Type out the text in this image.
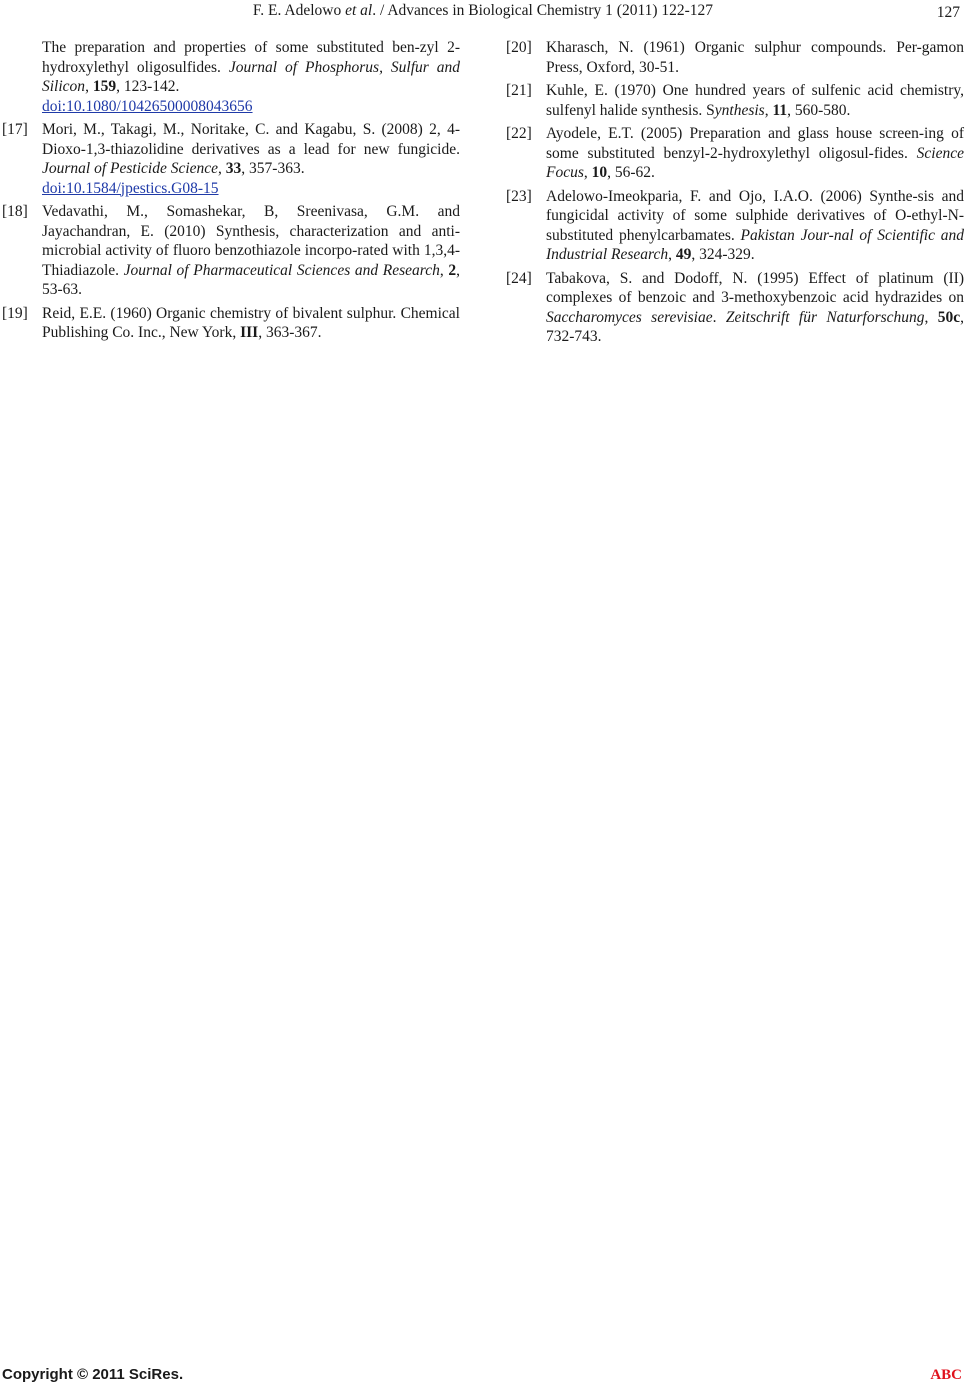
F. E. Adelowo et al. / Advances in Biological Chemistry 1 (2011) 122-127	127
The preparation and properties of some substituted ben-zyl 2-hydroxylethyl oligosulfides. Journal of Phosphorus, Sulfur and Silicon, 159, 123-142.
doi:10.1080/10426500008043656
[17] Mori, M., Takagi, M., Noritake, C. and Kagabu, S. (2008) 2, 4-Dioxo-1,3-thiazolidine derivatives as a lead for new fungicide. Journal of Pesticide Science, 33, 357-363.
doi:10.1584/jpestics.G08-15
[18] Vedavathi, M., Somashekar, B, Sreenivasa, G.M. and Jayachandran, E. (2010) Synthesis, characterization and anti-microbial activity of fluoro benzothiazole incorpo-rated with 1,3,4-Thiadiazole. Journal of Pharmaceutical Sciences and Research, 2, 53-63.
[19] Reid, E.E. (1960) Organic chemistry of bivalent sulphur. Chemical Publishing Co. Inc., New York, III, 363-367.
[20] Kharasch, N. (1961) Organic sulphur compounds. Per-gamon Press, Oxford, 30-51.
[21] Kuhle, E. (1970) One hundred years of sulfenic acid chemistry, sulfenyl halide synthesis. Synthesis, 11, 560-580.
[22] Ayodele, E.T. (2005) Preparation and glass house screen-ing of some substituted benzyl-2-hydroxylethyl oligosul-fides. Science Focus, 10, 56-62.
[23] Adelowo-Imeokparia, F. and Ojo, I.A.O. (2006) Synthe-sis and fungicidal activity of some sulphide derivatives of O-ethyl-N-substituted phenylcarbamates. Pakistan Jour-nal of Scientific and Industrial Research, 49, 324-329.
[24] Tabakova, S. and Dodoff, N. (1995) Effect of platinum (II) complexes of benzoic and 3-methoxybenzoic acid hydrazides on Saccharomyces serevisiae. Zeitschrift für Naturforschung, 50c, 732-743.
Copyright © 2011 SciRes.	ABC
